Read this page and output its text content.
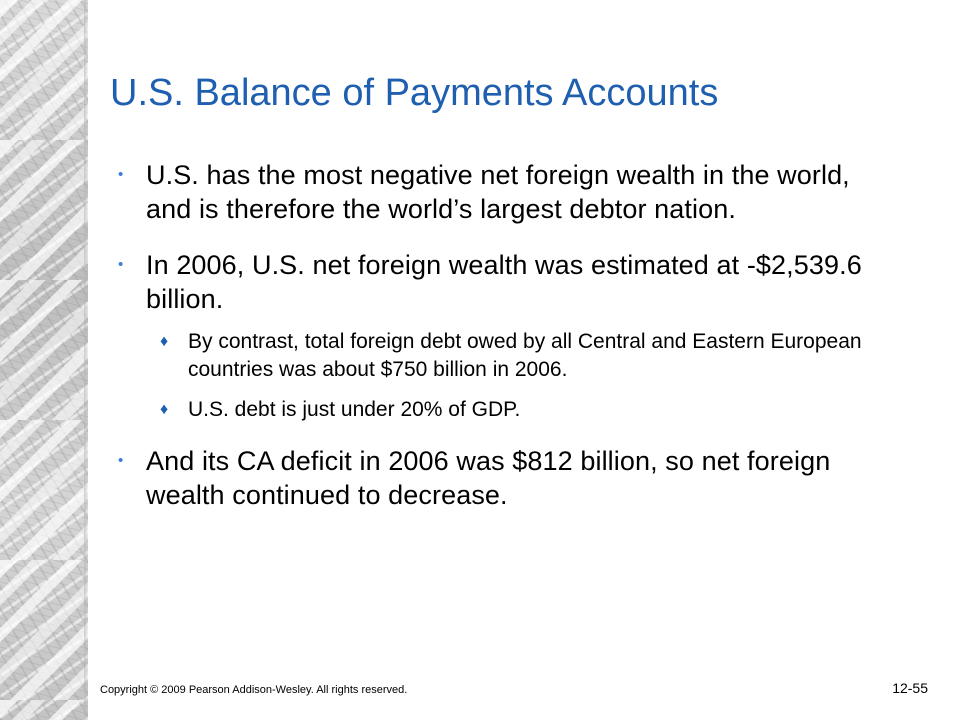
U.S. Balance of Payments Accounts
• U.S. has the most negative net foreign wealth in the world, and is therefore the world’s largest debtor nation.
• In 2006, U.S. net foreign wealth was estimated at -$2,539.6 billion.
♦ By contrast, total foreign debt owed by all Central and Eastern European countries was about $750 billion in 2006.
♦ U.S. debt is just under 20% of GDP.
• And its CA deficit in 2006 was $812 billion, so net foreign wealth continued to decrease.
Copyright © 2009 Pearson Addison-Wesley. All rights reserved.	12-55
